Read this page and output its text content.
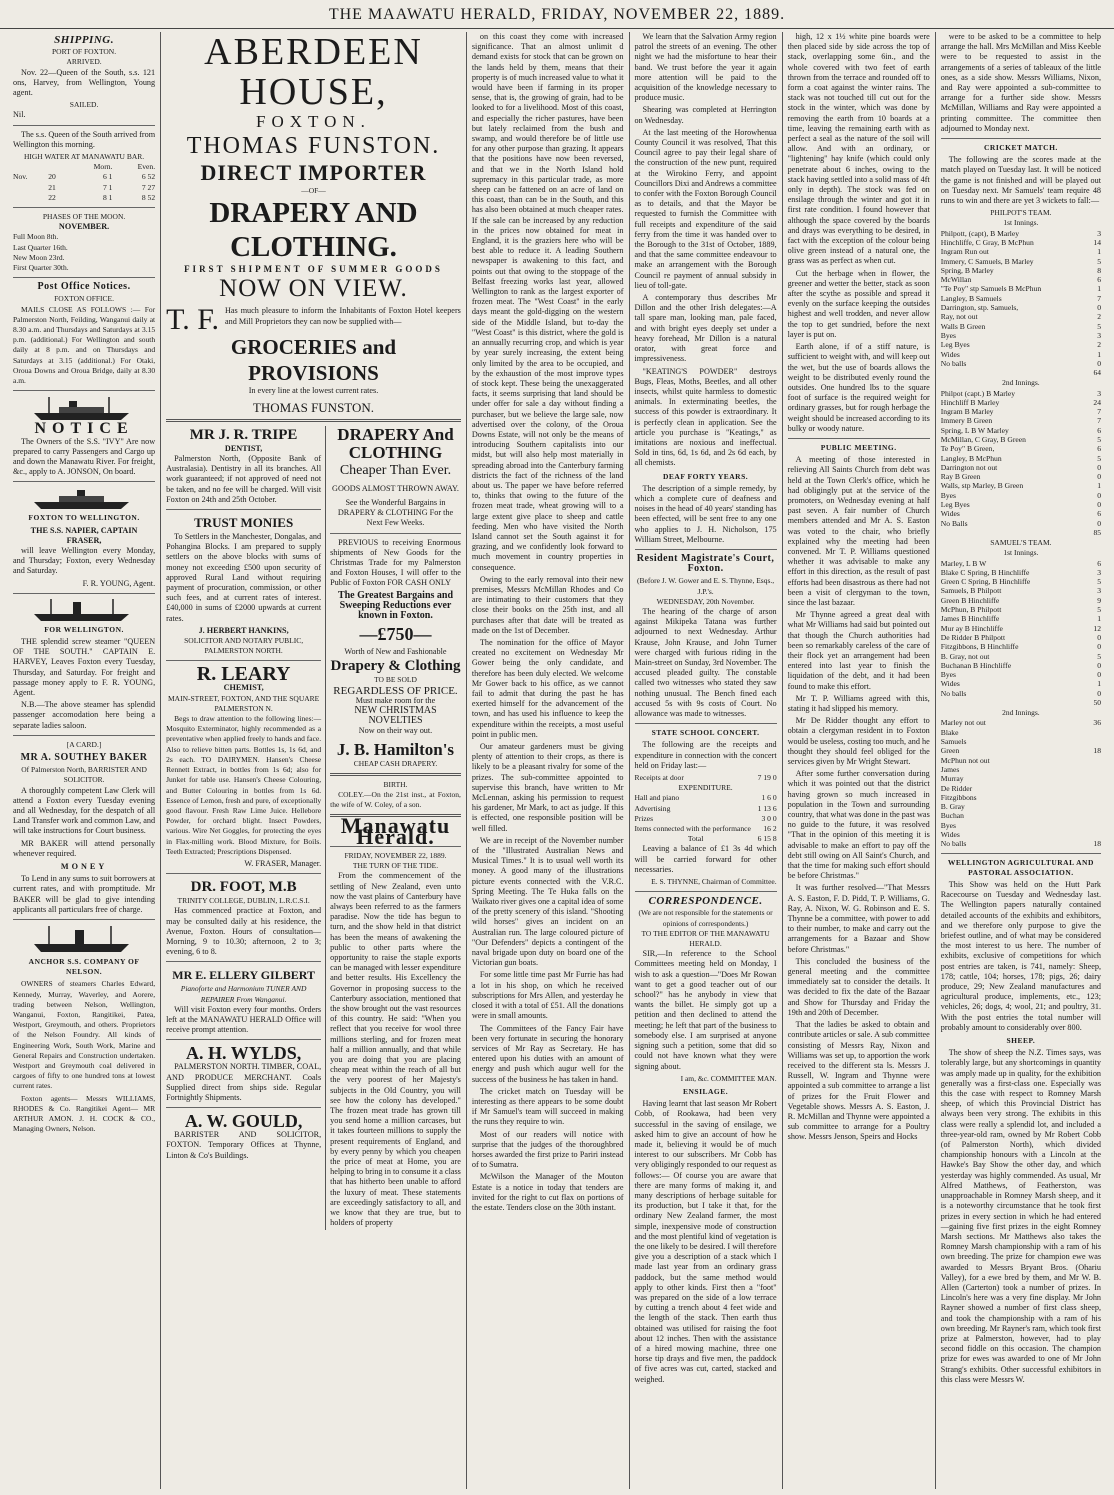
THE MAAWATU HERALD, FRIDAY, NOVEMBER 22, 1889.
SHIPPING.
PORT OF FOXTON.
ARRIVED.

Nov. 22—Queen of the South, s.s. 121 ons, Harvey, from Wellington, Young agent.

SAILED.
Nil.

The s.s. Queen of the South arrived from Wellington this morning.

HIGH WATER AT MANAWATU BAR.
		Morn.	Even.
Nov.	20	6 1	6 52
	21	7 1	7 27
	22	8 1	8 52
PHASES OF THE MOON.
NOVEMBER.
Full Moon 8th.
Last Quarter 16th.
New Moon 23rd.
First Quarter 30th.
Post Office Notices.
FOXTON OFFICE.

MAILS CLOSE AS FOLLOWS :— For Palmerston North, Feilding, Wanganui daily at 8.30 a.m. and Thursdays and Saturdays at 3.15 p.m. (additional.) For Wellington and south daily at 8 p.m. and on Thursdays and Saturdays at 3.15 (additional.) For Otaki, Oroua Downs and Oroua Bridge, daily at 8.30 a.m.

NOTICE

The Owners of the S.S. "IVY" Are now prepared to carry Passengers and Cargo up and down the Manawatu River. For freight, &c., apply to A. JONSON, On board.

FOXTON TO WELLINGTON.
THE S.S. NAPIER, CAPTAIN FRASER,

will leave Wellington every Monday, and Thursday; Foxton, every Wednesday and Saturday.

F. R. YOUNG, Agent.
FOR WELLINGTON.

THE splendid screw steamer "QUEEN OF THE SOUTH." CAPTAIN E. HARVEY, Leaves Foxton every Tuesday, Thursday, and Saturday. For freight and passage money apply to F. R. YOUNG, Agent.

N.B.—The above steamer has splendid passenger accomodation here being a separate ladies saloon.

[A CARD.]
MR A. SOUTHEY BAKER
Of Palmerston North, BARRISTER AND SOLICITOR.

A thoroughly competent Law Clerk will attend a Foxton every Tuesday evening and all Wednesday, for the despatch of all Land Transfer work and common Law, and will take instructions for Court business.

MR BAKER will attend personally whenever required.

MONEY

To Lend in any sums to suit borrowers at current rates, and with promptitude. Mr BAKER will be glad to give intending applicants all particulars free of charge.

ANCHOR S.S. COMPANY OF NELSON.

OWNERS of steamers Charles Edward, Kennedy, Murray, Waverley, and Aorere, trading between Nelson, Wellington, Wanganui, Foxton, Rangitikei, Patea, Westport, Greymouth, and others. Proprietors of the Nelson Foundry. All kinds of Engineering Work, South Work, Marine and General Repairs and Construction undertaken. Westport and Greymouth coal delivered in cargoes of fifty to one hundred tons at lowest current rates.

Foxton agents— Messrs WILLIAMS, RHODES & Co. Rangitikei Agent— MR ARTHUR AMON. J. H. COCK & CO., Managing Owners, Nelson.

ABERDEEN HOUSE,
FOXTON.
THOMAS FUNSTON.
DIRECT IMPORTER
—OF—
DRAPERY AND CLOTHING.
FIRST SHIPMENT OF SUMMER GOODS
NOW ON VIEW.
T. F. Has much pleasure to inform the Inhabitants of Foxton Hotel keepers and Mill Proprietors they can now be supplied with—
GROCERIES and PROVISIONS
In every line at the lowest current rates.
THOMAS FUNSTON.
MR J. R. TRIPE
DENTIST,

Palmerston North, (Opposite Bank of Australasia). Dentistry in all its branches. All work guaranteed; if not approved of need not be taken, and no fee will be charged. Will visit Foxton on 24th and 25th October.

TRUST MONIES

To Settlers in the Manchester, Dongalas, and Pohangina Blocks. I am prepared to supply settlers on the above blocks with sums of money not exceeding £500 upon security of approved Rural Land without requiring payment of procuration, commission, or other such fees, and at current rates of interest. £40,000 in sums of £2000 upwards at current rates.

J. HERBERT HANKINS,
SOLICITOR AND NOTARY PUBLIC, PALMERSTON NORTH.
R. LEARY
CHEMIST,
MAIN-STREET, FOXTON, AND THE SQUARE PALMERSTON N.

Begs to draw attention to the following lines:— Mosquito Exterminator, highly recommended as a preventative when applied freely to hands and face. Also to relieve bitten parts. Bottles 1s, 1s 6d, and 2s each. TO DAIRYMEN. Hansen's Cheese Rennett Extract, in bottles from 1s 6d; also for Junket for table use. Hansen's Cheese Colouring, and Butter Colouring in bottles from 1s 6d. Essence of Lemon, fresh and pure, of exceptionally good flavour. Fresh Raw Lime Juice. Hellebore Powder, for orchard blight. Insect Powders, various. Wire Net Goggles, for protecting the eyes in Flax-milling work. Blood Mixture, for Boils. Teeth Extracted; Prescriptions Dispensed.

W. FRASER, Manager.
DR. FOOT, M.B
TRINITY COLLEGE, DUBLIN, L.R.C.S.I.

Has commenced practice at Foxton, and may be consulted daily at his residence, the Avenue, Foxton. Hours of consultation—Morning, 9 to 10.30; afternoon, 2 to 3; evening, 6 to 8.

MR E. ELLERY GILBERT
Pianoforte and Harmonium TUNER AND REPAIRER From Wanganui.

Will visit Foxton every four months. Orders left at the MANAWATU HERALD Office will receive prompt attention.

A. H. WYLDS,

PALMERSTON NORTH. TIMBER, COAL, AND PRODUCE MERCHANT. Coals Supplied direct from ships side. Regular Fortnightly Shipments.

A. W. GOULD,

BARRISTER AND SOLICITOR, FOXTON. Temporary Offices at Thynne, Linton & Co's Buildings.

DRAPERY And CLOTHING
Cheaper Than Ever.
GOODS ALMOST THROWN AWAY.
See the Wonderful Bargains in DRAPERY & CLOTHING For the Next Few Weeks.

PREVIOUS to receiving Enormous shipments of New Goods for the Christmas Trade for my Palmerston and Foxton Houses, I will offer to the Public of Foxton FOR CASH ONLY

The Greatest Bargains and Sweeping Reductions ever known in Foxton.
—£750—
Worth of New and Fashionable
Drapery & Clothing
TO BE SOLD
REGARDLESS OF PRICE.
Must make room for the
NEW CHRISTMAS NOVELTIES
Now on their way out.
J. B. Hamilton's
CHEAP CASH DRAPERY.
BIRTH.

COLEY.—On the 21st inst., at Foxton, the wife of W. Coley, of a son.

Manawatu Herald.
FRIDAY, NOVEMBER 22, 1889.
THE TURN OF THE TIDE.

From the commencement of the settling of New Zealand, even unto now the vast plains of Canterbury have always been referred to as the farmers paradise. Now the tide has begun to turn, and the show held in that district has been the means of awakening the public to other parts where the opportunity to raise the staple exports can be managed with lesser expenditure and better results. His Excellency the Governor in proposing success to the Canterbury association, mentioned that the show brought out the vast resources of this country. He said: "When you reflect that you receive for wool three millions sterling, and for frozen meat half a million annually, and that while you are doing that you are placing cheap meat within the reach of all but the very poorest of her Majesty's subjects in the Old Country, you will see how the colony has developed." The frozen meat trade has grown till you send home a million carcases, but it takes fourteen millions to supply the present requirements of England, and by every penny by which you cheapen the price of meat at Home, you are helping to bring in to consume it a class that has hitherto been unable to afford the luxury of meat. These statements are exceedingly satisfactory to all, and we know that they are true, but to holders of property

on this coast they come with increased significance. That an almost unlimit d demand exists for stock that can be grown on the lands held by them, means that their property is of much increased value to what it would have been if farming in its proper sense, that is, the growing of grain, had to be looked to for a livelihood. Most of this coast, and especially the richer pastures, have been but lately reclaimed from the bush and swamp, and would therefore be of little use for any other purpose than grazing. It appears that the positions have now been reversed, and that we in the North Island hold supremacy in this particular trade, as more sheep can be fattened on an acre of land on this coast, than can be in the South, and this has also been obtained at much cheaper rates. If the sale can be increased by any reduction in the prices now obtained for meat in England, it is the graziers here who will be best able to reduce it. A leading Southern newspaper is awakening to this fact, and points out that owing to the stoppage of the Belfast freezing works last year, allowed Wellington to rank as the largest exporter of frozen meat. The "West Coast" in the early days meant the gold-digging on the western side of the Middle Island, but to-day the "West Coast" is this district, where the gold is an annually recurring crop, and which is year by year surely increasing, the extent being only limited by the area to be occupied, and by the exhaustion of the most improve types of stock kept. These being the unexaggerated facts, it seems surprising that land should be under offer for sale a day without finding a purchaser, but we believe the large sale, now advertised over the colony, of the Oroua Downs Estate, will not only be the means of introducing Southern capitalists into our midst, but will also help most materially in spreading abroad into the Canterbury farming districts the fact of the richness of the land about us. The paper we have before referred to, thinks that owing to the future of the frozen meat trade, wheat growing will to a large extent give place to sheep and cattle feeding. Men who have visited the North Island cannot set the South against it for grazing, and we confidently look forward to much movement in country properties in consequence.

Owing to the early removal into their new premises, Messrs McMillan Rhodes and Co are intimating to their customers that they close their books on the 25th inst, and all purchases after that date will be treated as made on the 1st of December.

The nomination for the office of Mayor created no excitement on Wednesday Mr Gower being the only candidate, and therefore has been duly elected. We welcome Mr Gower back to his office, as we cannot fail to admit that during the past he has exerted himself for the advancement of the town, and has used his influence to keep the expenditure within the receipts, a most useful point in public men.

Our amateur gardeners must be giving plenty of attention to their crops, as there is likely to be a pleasant rivalry for some of the prizes. The sub-committee appointed to supervise this branch, have written to Mr McLennan, asking his permission to request his gardener, Mr Mark, to act as judge. If this is effected, one responsible position will be well filled.

We are in receipt of the November number of the "Illustrated Australian News and Musical Times." It is to usual well worth its money. A good many of the illustrations picture events connected with the V.R.C. Spring Meeting. The Te Huka falls on the Waikato river gives one a capital idea of some of the pretty scenery of this island. "Shooting wild horses" gives an incident on an Australian run. The large coloured picture of "Our Defenders" depicts a contingent of the naval brigade upon duty on board one of the Victorian gun boats.

For some little time past Mr Furrie has had a lot in his shop, on which he received subscriptions for Mrs Allen, and yesterday he closed it with a total of £51. All the donations were in small amounts.

The Committees of the Fancy Fair have been very fortunate in securing the honorary services of Mr Ray as Secretary. He has entered upon his duties with an amount of energy and push which augur well for the success of the business he has taken in hand.

The cricket match on Tuesday will be interesting as there appears to be some doubt if Mr Samuel's team will succeed in making the runs they require to win.

Most of our readers will notice with surprise that the judges of the thoroughbred horses awarded the first prize to Pariri instead of to Sumatra.

McWilson the Manager of the Mouton Estate is a notice in today that tenders are invited for the right to cut flax on portions of the estate. Tenders close on the 30th instant.

We learn that the Salvation Army region patrol the streets of an evening. The other night we had the misfortune to hear their band. We trust before the year it again more attention will be paid to the acquisition of the knowledge necessary to produce music.

Shearing was completed at Herrington on Wednesday.

At the last meeting of the Horowhenua County Council it was resolved, That this Council agree to pay their legal share of the construction of the new punt, required at the Wirokino Ferry, and appoint Councillors Dixi and Andrews a committee to confer with the Foxton Borough Council as to details, and that the Mayor be requested to furnish the Committee with full receipts and expenditure of the said ferry from the time it was handed over to the Borough to the 31st of October, 1889, and that the same committee endeavour to make an arrangement with the Borough Council re payment of annual subsidy in lieu of toll-gate.

A contemporary thus describes Mr Dillon and the other Irish delegates:—A tall spare man, looking man, pale faced, and with bright eyes deeply set under a heavy forehead, Mr Dillon is a natural orator, with great force and impressiveness.

"KEATING'S POWDER" destroys Bugs, Fleas, Moths, Beetles, and all other insects, whilst quite harmless to domestic animals. In exterminating beetles, the success of this powder is extraordinary. It is perfectly clean in application. See the article you purchase is "Keatings," as imitations are noxious and ineffectual. Sold in tins, 6d, 1s 6d, and 2s 6d each, by all chemists.

DEAF FORTY YEARS.

The description of a simple remedy, by which a complete cure of deafness and noises in the head of 40 years' standing has been effected, will be sent free to any one who applies to J. H. Nicholson, 175 William Street, Melbourne.

Resident Magistrate's Court, Foxton.
(Before J. W. Gower and E. S. Thynne, Esqs., J.P.'s.
WEDNESDAY, 20th November.

The hearing of the charge of arson against Mikipeka Tatana was further adjourned to next Wednesday. Arthur Krause, John Krause, and John Turner were charged with furious riding in the Main-street on Sunday, 3rd November. The accused pleaded guilty. The constable called two witnesses who stated they saw nothing unusual. The Bench fined each accused 5s with 9s costs of Court. No allowance was made to witnesses.

STATE SCHOOL CONCERT.

The following are the receipts and expenditure in connection with the concert held on Friday last:—

Receipts at door	7 19 0
EXPENDITURE.	
Hall and piano	1 6 0
Advertising	1 13 6
Prizes	3 0 0
Items connected with the performance	16 2
Total	6 15 8

Leaving a balance of £1 3s 4d which will be carried forward for other necessaries.

E. S. THYNNE, Chairman of Committee.
CORRESPONDENCE.
(We are not responsible for the statements or opinions of correspondents.)
TO THE EDITOR OF THE MANAWATU HERALD.

SIR,—In reference to the School Committees meeting held on Monday, I wish to ask a question—"Does Mr Rowan want to get a good teacher out of our school?" has he anybody in view that wants the billet. He simply got up a petition and then declined to attend the meeting; he left that part of the business to somebody else. I am surprised at anyone signing such a petition, some that did so could not have known what they were signing about.

I am, &c. COMMITTEE MAN.
ENSILAGE.

Having learnt that last season Mr Robert Cobb, of Rookawa, had been very successful in the saving of ensilage, we asked him to give an account of how he made it, believing it would be of much interest to our subscribers. Mr Cobb has very obligingly responded to our request as follows:— Of course you are aware that there are many forms of making it, and many descriptions of herbage suitable for its production, but I take it that, for the ordinary New Zealand farmer, the most simple, inexpensive mode of construction and the most plentiful kind of vegetation is the one likely to be desired. I will therefore give you a description of a stack which I made last year from an ordinary grass paddock, but the same method would apply to other kinds. First then a "foot" was prepared on the side of a low terrace by cutting a trench about 4 feet wide and the length of the stack. Then earth thus obtained was utilised for raising the foot about 12 inches. Then with the assistance of a hired mowing machine, three one horse tip drays and five men, the paddock of five acres was cut, carted, stacked and weighed.

high, 12 x 1½ white pine boards were then placed side by side across the top of stack, overlapping some 6in., and the whole covered with two feet of earth thrown from the terrace and rounded off to form a coat against the winter rains. The stack was not touched till cut out for the stock in the winter, which was done by removing the earth from 10 boards at a time, leaving the remaining earth with as perfect a seal as the nature of the soil will allow. And with an ordinary, or "lightening" hay knife (which could only penetrate about 6 inches, owing to the stack having settled into a solid mass of 4ft only in depth). The stock was fed on ensilage through the winter and got it in first rate condition. I found however that although the space covered by the boards and drays was everything to be desired, in fact with the exception of the colour being olive green instead of a natural one, the grass was as perfect as when cut.

Cut the herbage when in flower, the greener and wetter the better, stack as soon after the scythe as possible and spread it evenly on the surface keeping the outsides highest and well trodden, and never allow the top to get sundried, before the next layer is put on.

Earth alone, if of a stiff nature, is sufficient to weight with, and will keep out the wet, but the use of boards allows the weight to be distributed evenly round the outsides. One hundred lbs to the square foot of surface is the required weight for ordinary grasses, but for rough herbage the weight should be increased according to its bulky or woody nature.

PUBLIC MEETING.

A meeting of those interested in relieving All Saints Church from debt was held at the Town Clerk's office, which he had obligingly put at the service of the promoters, on Wednesday evening at half past seven. A fair number of Church members attended and Mr A. S. Easton was voted to the chair, who briefly explained why the meeting had been convened. Mr T. P. Williams questioned whether it was advisable to make any effort in this direction, as the result of past efforts had been disastrous as there had not been a visit of clergyman to the town, since the last bazaar.

Mr Thynne agreed a great deal with what Mr Williams had said but pointed out that though the Church authorities had been so remarkably careless of the care of their flock yet an arrangement had been entered into last year to finish the liquidation of the debt, and it had been found to make this effort.

Mr T. P. Williams agreed with this, stating it had slipped his memory.

Mr De Ridder thought any effort to obtain a clergyman resident in to Foxton would be useless, costing too much, and he thought they should feel obliged for the services given by Mr Wright Stewart.

After some further conversation during which it was pointed out that the district having grown so much increased in population in the Town and surrounding country, that what was done in the past was no guide to the future, it was resolved "That in the opinion of this meeting it is advisable to make an effort to pay off the debt still owing on All Saint's Church, and that the time for making such effort should be before Christmas."

It was further resolved—"That Messrs A. S. Easton, F. D. Pidd, T. P. Williams, G. Ray, A. Nixon, W. G. Robinson and E. S. Thynne be a committee, with power to add to their number, to make and carry out the arrangements for a Bazaar and Show before Christmas."

This concluded the business of the general meeting and the committee immediately sat to consider the details. It was decided to fix the date of the Bazaar and Show for Thursday and Friday the 19th and 20th of December.

That the ladies be asked to obtain and contribute articles or sale. A sub committee consisting of Messrs Ray, Nixon and Williams was set up, to apportion the work received to the different sta ls. Messrs J. Russell, W. Ingram and Thynne were appointed a sub committee to arrange a list of prizes for the Fruit Flower and Vegetable shows. Messrs A. S. Easton, J. R. McMillan and Thynne were appointed a sub committee to arrange for a Poultry show. Messrs Jenson, Speirs and Hocks

were to be asked to be a committee to help arrange the hall. Mrs McMillan and Miss Keeble were to be requested to assist in the arrangements of a series of tableaux of the little ones, as a side show. Messrs Williams, Nixon, and Ray were appointed a sub-committee to arrange for a further side show. Messrs McMillan, Williams and Ray were appointed a printing committee. The committee then adjourned to Monday next.

CRICKET MATCH.

The following are the scores made at the match played on Tuesday last. It will be noticed the game is not finished and will be played out on Tuesday next. Mr Samuels' team require 48 runs to win and there are yet 3 wickets to fall:—

PHILPOT'S TEAM.
1st Innings.
Philpott, (capt), B Marley	3
Hinchliffe, C Gray, B McPhun	14
Ingram Run out	1
Immery, C Samuels, B Marley	5
Spring, B Marley	8
McWillan	6
"Te Poy" stp Samuels B McPhun	1
Langley, B Samuels	7
Darrington, stp. Samuels,	0
Ray, not out	2
Walls B Green	5
Byes	3
Leg Byes	2
Wides	1
No balls	0
64
2nd Innings.
Philpot (capt.) B Marley	3
Hinchliff B Marley	24
Ingram B Marley	7
Immery B Green	7
Spring, L B W Marley	6
McMillan, C Gray, B Green	5
Te Poy" B Green,	6
Langley, B McPhun	5
Darrington not out	0
Ray B Green	0
Walls, stp Marley, B Green	1
Byes	0
Leg Byes	0
Wides	6
No Balls	0
85
SAMUEL'S TEAM.
1st Innings.
Marley, L B W	6
Blake C Spring, B Hinchliffe	3
Green C Spring, B Hinchliffe	5
Samuels, B Philpott	3
Green B Hinchliffe	9
McPhun, B Philpott	5
James B Hinchliffe	1
Mur ay B Hinchliffe	12
De Ridder B Philpott	0
Fitzgibbons, B Hinchliffe	0
B. Gray, not out	5
Buchanan B Hinchliffe	0
Byes	0
Wides	1
No balls	0
50
2nd Innings.
Marley not out	36
Blake	
Samuels	
Green	18
McPhun not out	
James	
Murray	
De Ridder	
Fitzgibbons	
B. Gray	
Buchan	
Byes	
Wides	
No balls	18
WELLINGTON AGRICULTURAL AND PASTORAL ASSOCIATION.

This Show was held on the Hutt Park Racecourse on Tuesday and Wednesday last. The Wellington papers naturally contained detailed accounts of the exhibits and exhibitors, and we therefore only purpose to give the briefest outline, and of what may be considered the most interest to us here. The number of exhibits, exclusive of competitions for which post entries are taken, is 741, namely: Sheep, 178; cattle, 104; horses, 178; pigs, 26; dairy produce, 29; New Zealand manufactures and agricultural produce, implements, etc., 123; vehicles, 26; dogs, 4; wool, 21; and poultry, 31. With the post entries the total number will probably amount to considerably over 800.

SHEEP.

The show of sheep the N.Z. Times says, was tolerably large, but any shortcomings in quantity was amply made up in quality, for the exhibition generally was a first-class one. Especially was this the case with respect to Romney Marsh sheep, of which this Provincial District has always been very strong. The exhibits in this class were really a splendid lot, and included a three-year-old ram, owned by Mr Robert Cobb (of Palmerston North), which divided championship honours with a Lincoln at the Hawke's Bay Show the other day, and which yesterday was highly commended. As usual, Mr Alfred Matthews, of Featherston, was unapproachable in Romney Marsh sheep, and it is a noteworthy circumstance that he took first prizes in every section in which he had entered—gaining five first prizes in the eight Romney Marsh sections. Mr Matthews also takes the Romney Marsh championship with a ram of his own breeding. The prize for champion ewe was awarded to Messrs Bryant Bros. (Ohariu Valley), for a ewe bred by them, and Mr W. B. Allen (Carterton) took a number of prizes. In Lincoln's here was a very fine display. Mr John Rayner showed a number of first class sheep, and took the championship with a ram of his own breeding. Mr Rayner's ram, which took first prize at Palmerston, however, had to play second fiddle on this occasion. The champion prize for ewes was awarded to one of Mr John Strang's exhibits. Other successful exhibitors in this class were Messrs W.
